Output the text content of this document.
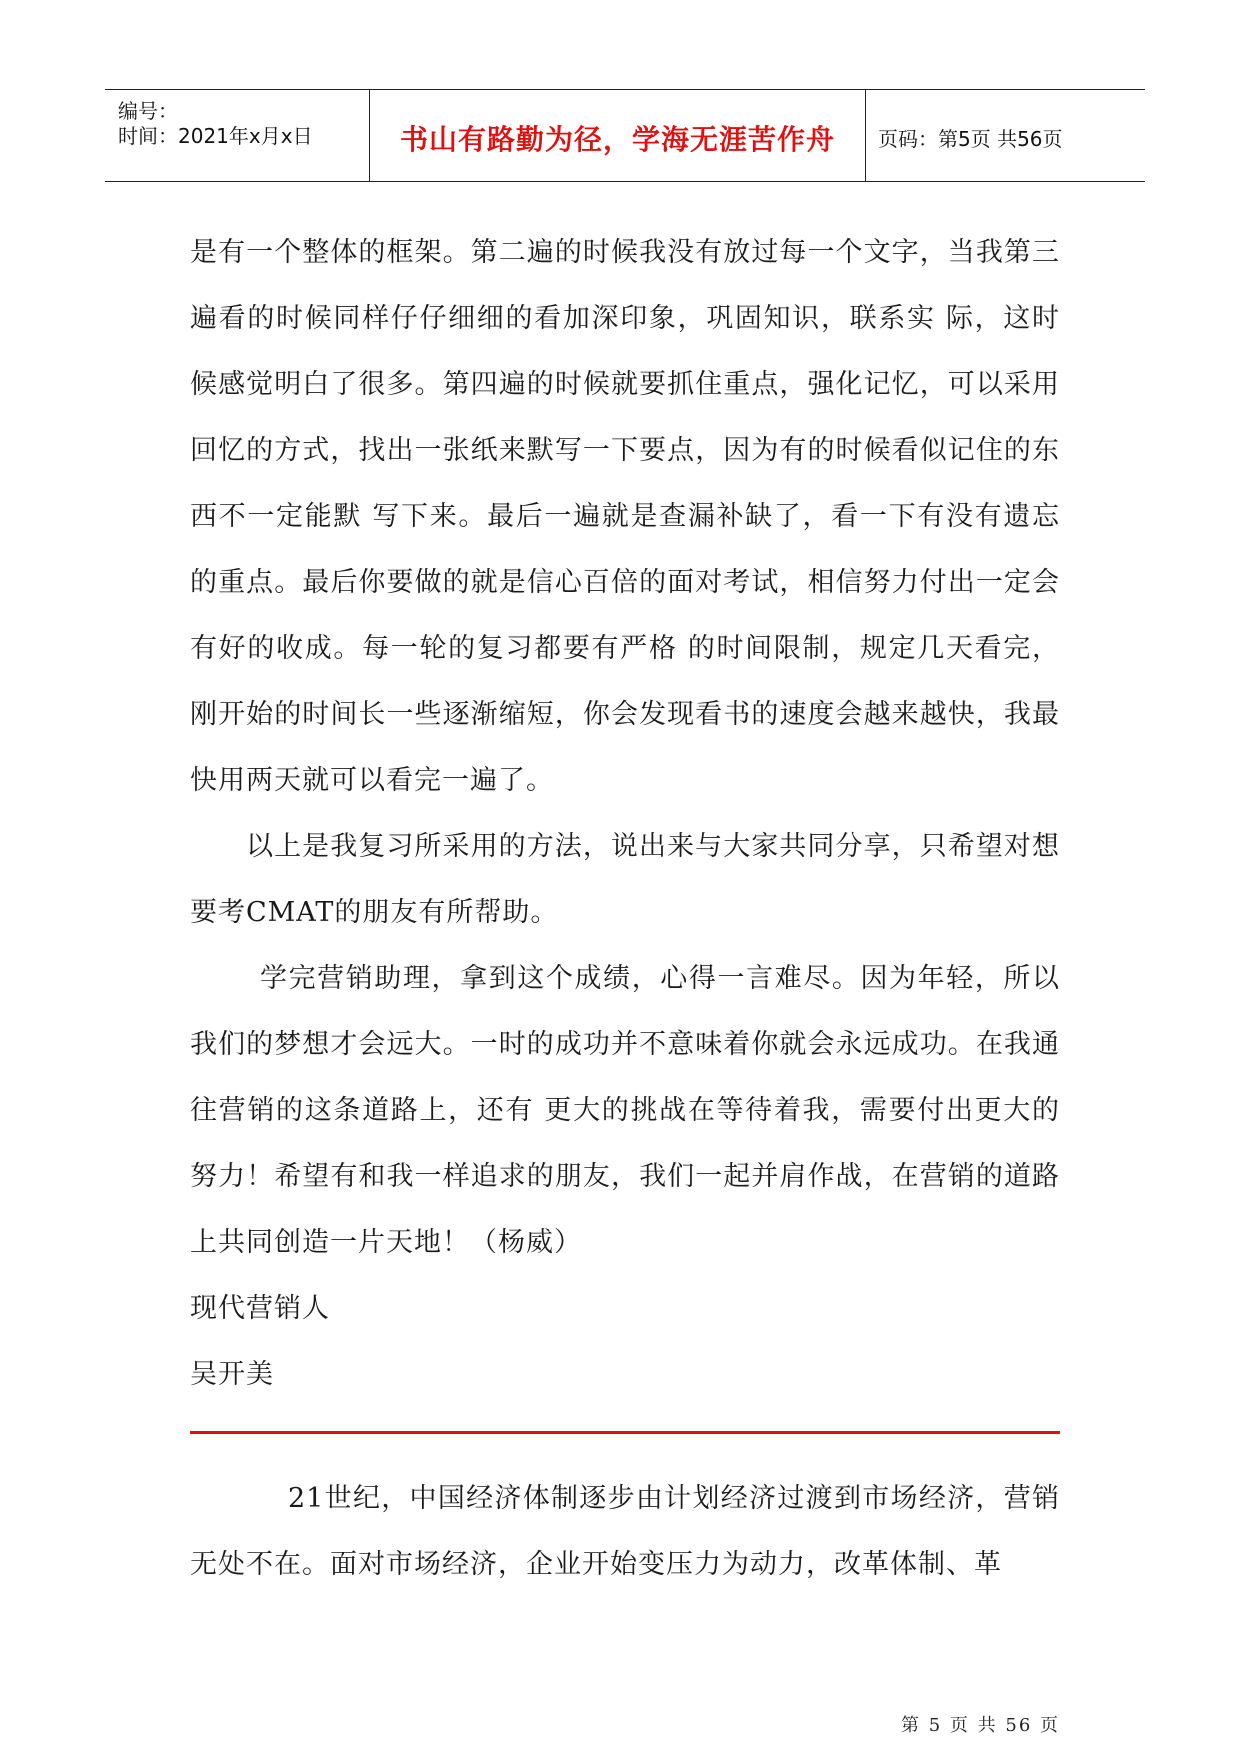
编号：
时间：2021年x月x日	书山有路勤为径，学海无涯苦作舟	页码：第5页 共56页

是有一个整体的框架。第二遍的时候我没有放过每一个文字，当我第三遍看的时候同样仔仔细细的看加深印象，巩固知识，联系实 际，这时候感觉明白了很多。第四遍的时候就要抓住重点，强化记忆，可以采用回忆的方式，找出一张纸来默写一下要点，因为有的时候看似记住的东西不一定能默 写下来。最后一遍就是查漏补缺了，看一下有没有遗忘的重点。最后你要做的就是信心百倍的面对考试，相信努力付出一定会有好的收成。每一轮的复习都要有严格 的时间限制，规定几天看完，刚开始的时间长一些逐渐缩短，你会发现看书的速度会越来越快，我最快用两天就可以看完一遍了。

以上是我复习所采用的方法，说出来与大家共同分享，只希望对想要考CMAT的朋友有所帮助。

学完营销助理，拿到这个成绩，心得一言难尽。因为年轻，所以我们的梦想才会远大。一时的成功并不意味着你就会永远成功。在我通往营销的这条道路上，还有 更大的挑战在等待着我，需要付出更大的努力！希望有和我一样追求的朋友，我们一起并肩作战，在营销的道路上共同创造一片天地！（杨威）

现代营销人

吴开美

21世纪，中国经济体制逐步由计划经济过渡到市场经济，营销无处不在。面对市场经济，企业开始变压力为动力，改革体制、革

第 5 页 共 56 页
